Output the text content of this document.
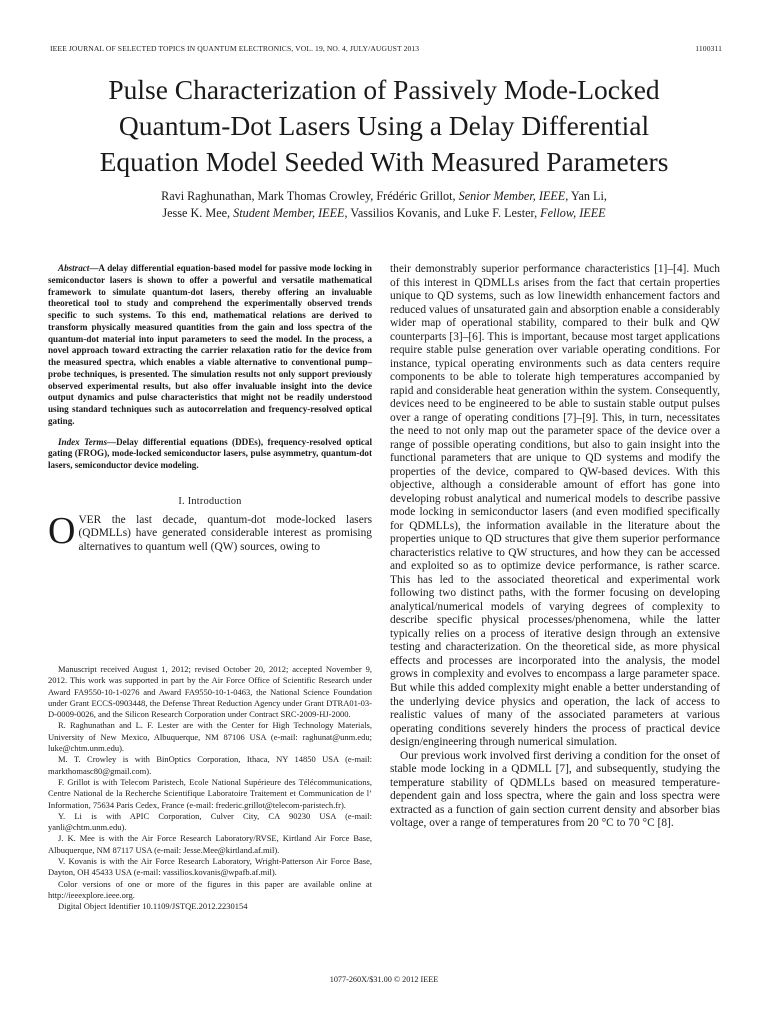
IEEE JOURNAL OF SELECTED TOPICS IN QUANTUM ELECTRONICS, VOL. 19, NO. 4, JULY/AUGUST 2013	1100311
Pulse Characterization of Passively Mode-Locked
Quantum-Dot Lasers Using a Delay Differential
Equation Model Seeded With Measured Parameters
Ravi Raghunathan, Mark Thomas Crowley, Frédéric Grillot, Senior Member, IEEE, Yan Li,
Jesse K. Mee, Student Member, IEEE, Vassilios Kovanis, and Luke F. Lester, Fellow, IEEE

Abstract—A delay differential equation-based model for passive mode locking in semiconductor lasers is shown to offer a powerful and versatile mathematical framework to simulate quantum-dot lasers, thereby offering an invaluable theoretical tool to study and comprehend the experimentally observed trends specific to such systems. To this end, mathematical relations are derived to transform physically measured quantities from the gain and loss spectra of the quantum-dot material into input parameters to seed the model. In the process, a novel approach toward extracting the carrier relaxation ratio for the device from the measured spectra, which enables a viable alternative to conventional pump–probe techniques, is presented. The simulation results not only support previously observed experimental results, but also offer invaluable insight into the device output dynamics and pulse characteristics that might not be readily understood using standard techniques such as autocorrelation and frequency-resolved optical gating.

Index Terms—Delay differential equations (DDEs), frequency-resolved optical gating (FROG), mode-locked semiconductor lasers, pulse asymmetry, quantum-dot lasers, semiconductor device modeling.

I. Introduction

OVER the last decade, quantum-dot mode-locked lasers (QDMLLs) have generated considerable interest as promising alternatives to quantum well (QW) sources, owing to

Manuscript received August 1, 2012; revised October 20, 2012; accepted November 9, 2012. This work was supported in part by the Air Force Office of Scientific Research under Award FA9550-10-1-0276 and Award FA9550-10-1-0463, the National Science Foundation under Grant ECCS-0903448, the Defense Threat Reduction Agency under Grant DTRA01-03-D-0009-0026, and the Silicon Research Corporation under Contract SRC-2009-HJ-2000.

R. Raghunathan and L. F. Lester are with the Center for High Technology Materials, University of New Mexico, Albuquerque, NM 87106 USA (e-mail: raghunat@unm.edu; luke@chtm.unm.edu).

M. T. Crowley is with BinOptics Corporation, Ithaca, NY 14850 USA (e-mail: markthomasc80@gmail.com).

F. Grillot is with Telecom Paristech, Ecole National Supérieure des Télécommunications, Centre National de la Recherche Scientifique Laboratoire Traitement et Communication de l’ Information, 75634 Paris Cedex, France (e-mail: frederic.grillot@telecom-paristech.fr).

Y. Li is with APIC Corporation, Culver City, CA 90230 USA (e-mail: yanli@chtm.unm.edu).

J. K. Mee is with the Air Force Research Laboratory/RVSE, Kirtland Air Force Base, Albuquerque, NM 87117 USA (e-mail: Jesse.Mee@kirtland.af.mil).

V. Kovanis is with the Air Force Research Laboratory, Wright-Patterson Air Force Base, Dayton, OH 45433 USA (e-mail: vassilios.kovanis@wpafb.af.mil).

Color versions of one or more of the figures in this paper are available online at http://ieeexplore.ieee.org.

Digital Object Identifier 10.1109/JSTQE.2012.2230154

their demonstrably superior performance characteristics [1]–[4]. Much of this interest in QDMLLs arises from the fact that certain properties unique to QD systems, such as low linewidth enhancement factors and reduced values of unsaturated gain and absorption enable a considerably wider map of operational stability, compared to their bulk and QW counterparts [3]–[6]. This is important, because most target applications require stable pulse generation over variable operating conditions. For instance, typical operating environments such as data centers require components to be able to tolerate high temperatures accompanied by rapid and considerable heat generation within the system. Consequently, devices need to be engineered to be able to sustain stable output pulses over a range of operating conditions [7]–[9]. This, in turn, necessitates the need to not only map out the parameter space of the device over a range of possible operating conditions, but also to gain insight into the functional parameters that are unique to QD systems and modify the properties of the device, compared to QW-based devices. With this objective, although a considerable amount of effort has gone into developing robust analytical and numerical models to describe passive mode locking in semiconductor lasers (and even modified specifically for QDMLLs), the information available in the literature about the properties unique to QD structures that give them superior performance characteristics relative to QW structures, and how they can be accessed and exploited so as to optimize device performance, is rather scarce. This has led to the associated theoretical and experimental work following two distinct paths, with the former focusing on developing analytical/numerical models of varying degrees of complexity to describe specific physical processes/phenomena, while the latter typically relies on a process of iterative design through an extensive testing and characterization. On the theoretical side, as more physical effects and processes are incorporated into the analysis, the model grows in complexity and evolves to encompass a large parameter space. But while this added complexity might enable a better understanding of the underlying device physics and operation, the lack of access to realistic values of many of the associated parameters at various operating conditions severely hinders the process of practical device design/engineering through numerical simulation.

Our previous work involved first deriving a condition for the onset of stable mode locking in a QDMLL [7], and subsequently, studying the temperature stability of QDMLLs based on measured temperature-dependent gain and loss spectra, where the gain and loss spectra were extracted as a function of gain section current density and absorber bias voltage, over a range of temperatures from 20 °C to 70 °C [8].

1077-260X/$31.00 © 2012 IEEE
